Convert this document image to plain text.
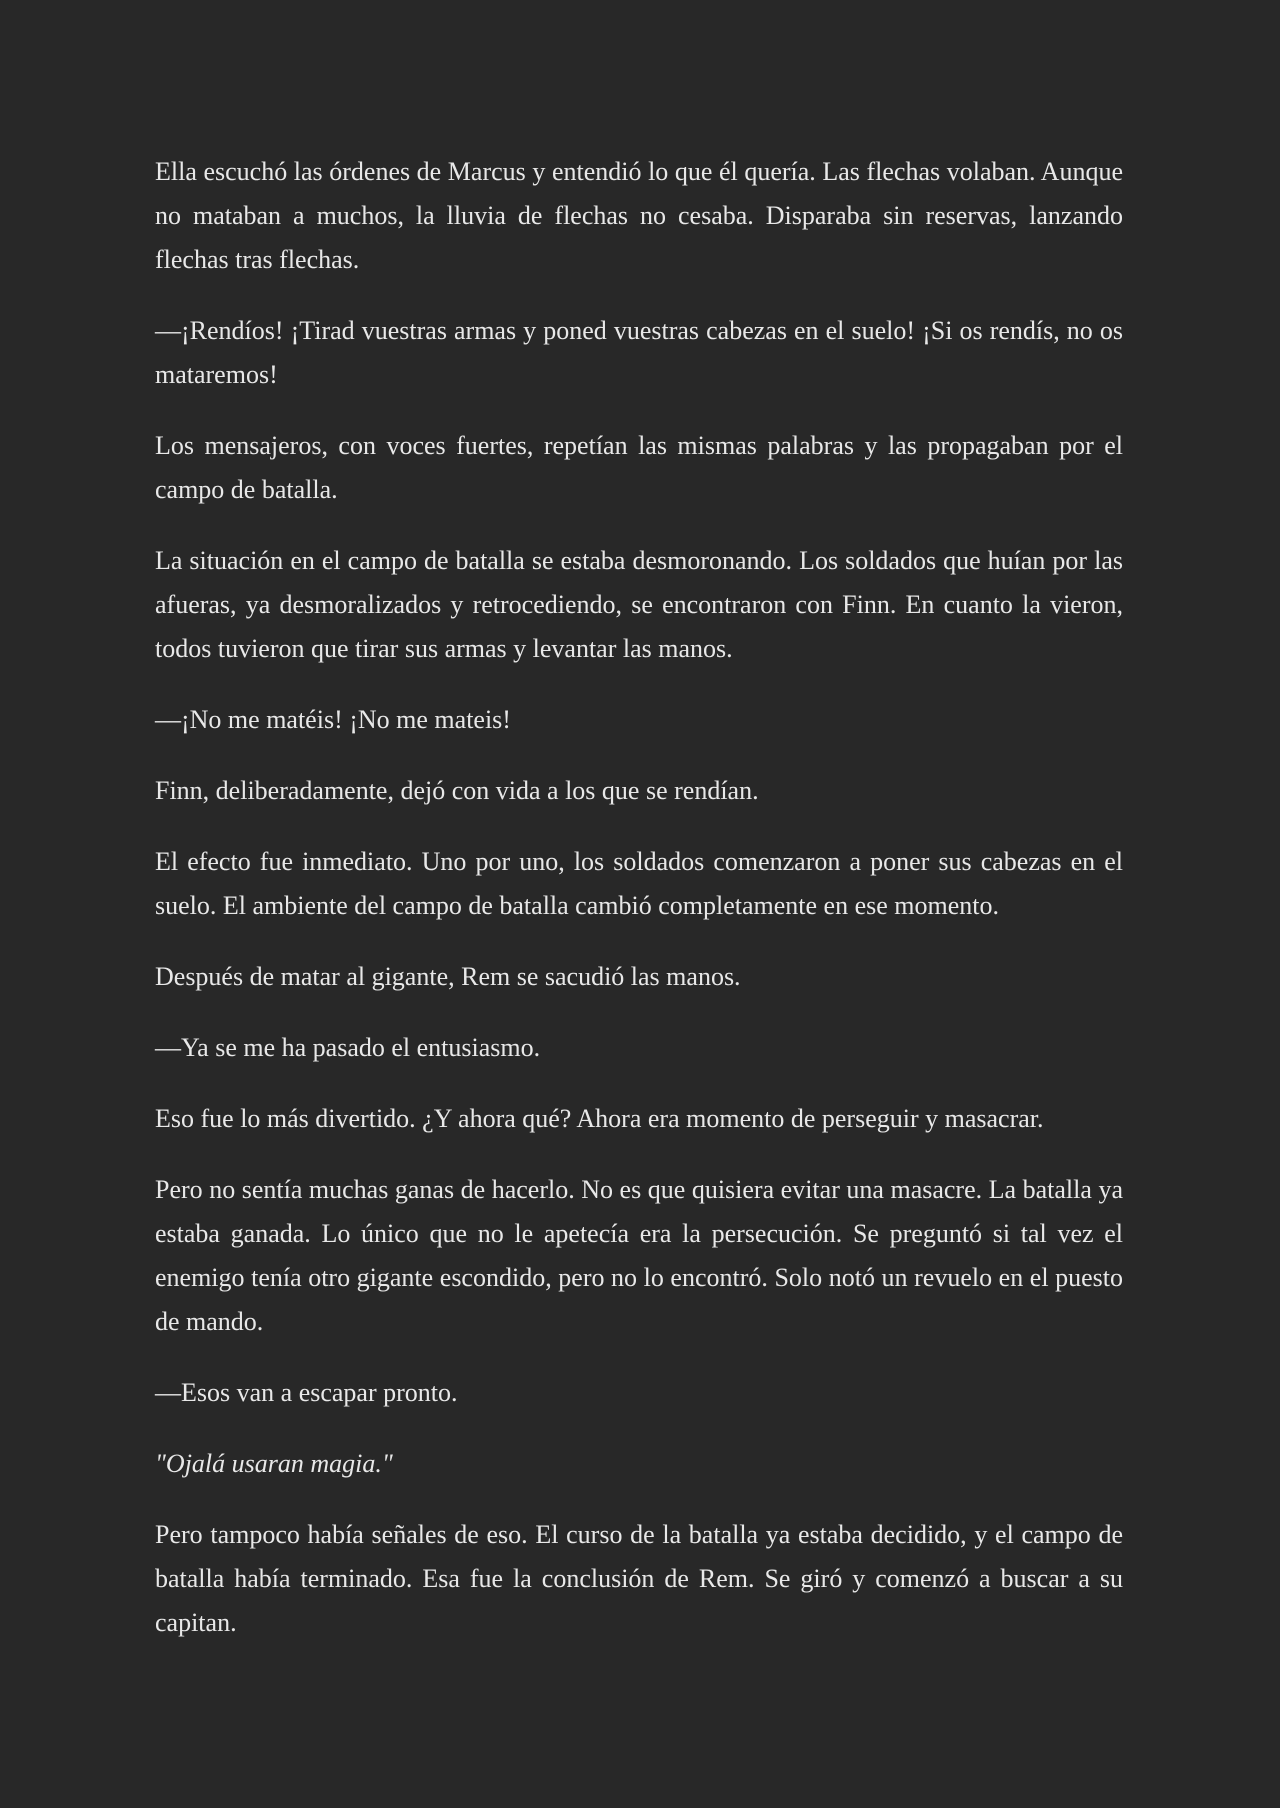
Ella escuchó las órdenes de Marcus y entendió lo que él quería. Las flechas volaban. Aunque no mataban a muchos, la lluvia de flechas no cesaba. Disparaba sin reservas, lanzando flechas tras flechas.

—¡Rendíos! ¡Tirad vuestras armas y poned vuestras cabezas en el suelo! ¡Si os rendís, no os mataremos!

Los mensajeros, con voces fuertes, repetían las mismas palabras y las propagaban por el campo de batalla.

La situación en el campo de batalla se estaba desmoronando. Los soldados que huían por las afueras, ya desmoralizados y retrocediendo, se encontraron con Finn. En cuanto la vieron, todos tuvieron que tirar sus armas y levantar las manos.

—¡No me matéis! ¡No me mateis!

Finn, deliberadamente, dejó con vida a los que se rendían.

El efecto fue inmediato. Uno por uno, los soldados comenzaron a poner sus cabezas en el suelo. El ambiente del campo de batalla cambió completamente en ese momento.

Después de matar al gigante, Rem se sacudió las manos.

—Ya se me ha pasado el entusiasmo.

Eso fue lo más divertido. ¿Y ahora qué? Ahora era momento de perseguir y masacrar.

Pero no sentía muchas ganas de hacerlo. No es que quisiera evitar una masacre. La batalla ya estaba ganada. Lo único que no le apetecía era la persecución. Se preguntó si tal vez el enemigo tenía otro gigante escondido, pero no lo encontró. Solo notó un revuelo en el puesto de mando.

—Esos van a escapar pronto.

"Ojalá usaran magia."

Pero tampoco había señales de eso. El curso de la batalla ya estaba decidido, y el campo de batalla había terminado. Esa fue la conclusión de Rem. Se giró y comenzó a buscar a su capitan.
